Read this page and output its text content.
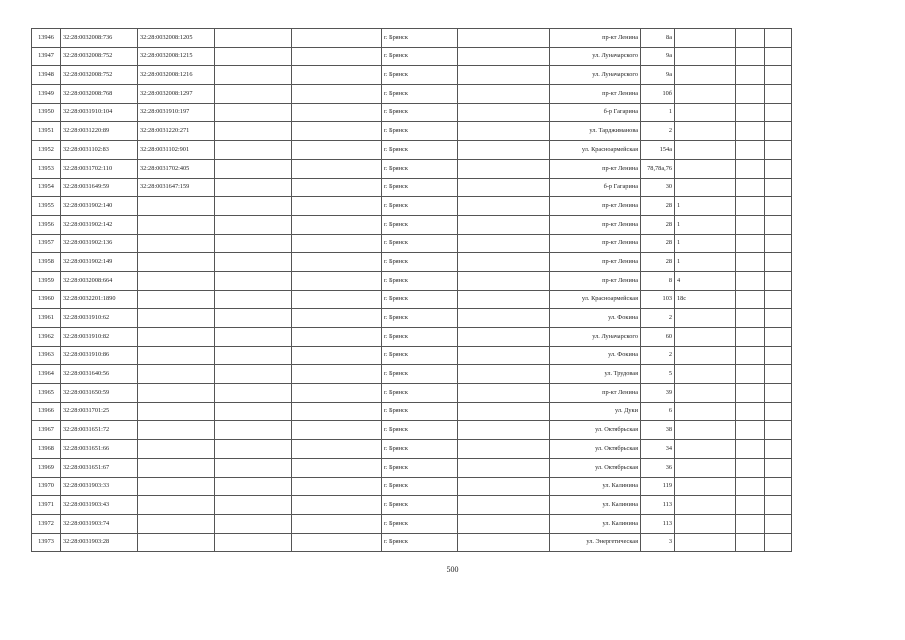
13946	32:28:0032008:736	32:28:0032008:1205			г. Брянск		пр-кт Ленина	8а			
13947	32:28:0032008:752	32:28:0032008:1215			г. Брянск		ул. Луначарского	9а			
13948	32:28:0032008:752	32:28:0032008:1216			г. Брянск		ул. Луначарского	9а			
13949	32:28:0032008:768	32:28:0032008:1297			г. Брянск		пр-кт Ленина	10б			
13950	32:28:0031910:104	32:28:0031910:197			г. Брянск		б-р Гагарина	1			
13951	32:28:0031220:89	32:28:0031220:271			г. Брянск		ул. Тарджиманова	2			
13952	32:28:0031102:83	32:28:0031102:901			г. Брянск		ул. Красноармейская	154а			
13953	32:28:0031702:110	32:28:0031702:405			г. Брянск		пр-кт Ленина	78,78а,76			
13954	32:28:0031649:59	32:28:0031647:159			г. Брянск		б-р Гагарина	30			
13955	32:28:0031902:140				г. Брянск		пр-кт Ленина	28	1		
13956	32:28:0031902:142				г. Брянск		пр-кт Ленина	28	1		
13957	32:28:0031902:136				г. Брянск		пр-кт Ленина	28	1		
13958	32:28:0031902:149				г. Брянск		пр-кт Ленина	28	1		
13959	32:28:0032008:664				г. Брянск		пр-кт Ленина	8	4		
13960	32:28:0032201:1890				г. Брянск		ул. Красноармейская	103	18с		
13961	32:28:0031910:62				г. Брянск		ул. Фокина	2			
13962	32:28:0031910:82				г. Брянск		ул. Луначарского	60			
13963	32:28:0031910:86				г. Брянск		ул. Фокина	2			
13964	32:28:0031640:56				г. Брянск		ул. Трудовая	5			
13965	32:28:0031650:59				г. Брянск		пр-кт Ленина	39			
13966	32:28:0031701:25				г. Брянск		ул. Дуки	6			
13967	32:28:0031651:72				г. Брянск		ул. Октябрьская	38			
13968	32:28:0031651:66				г. Брянск		ул. Октябрьская	34			
13969	32:28:0031651:67				г. Брянск		ул. Октябрьская	36			
13970	32:28:0031903:33				г. Брянск		ул. Калинина	119			
13971	32:28:0031903:43				г. Брянск		ул. Калинина	113			
13972	32:28:0031903:74				г. Брянск		ул. Калинина	113			
13973	32:28:0031903:28				г. Брянск		ул. Энергетическая	3			
500
